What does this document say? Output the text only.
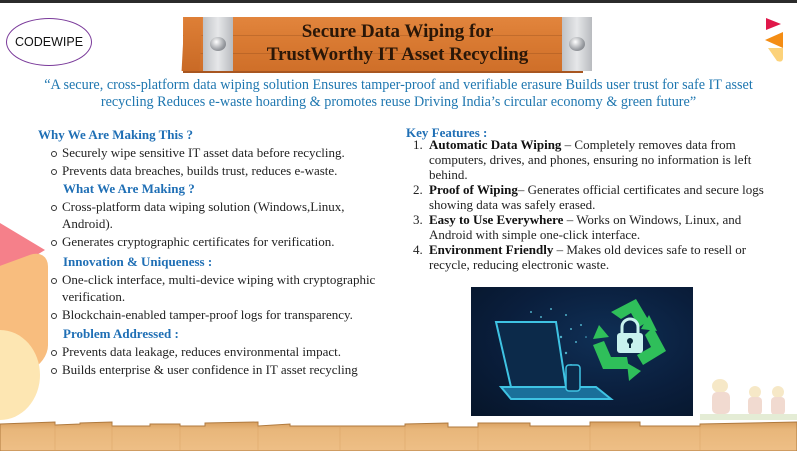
CODEWIPE	Secure Data Wiping for
TrustWorthy IT Asset Recycling
“A secure, cross-platform data wiping solution Ensures tamper-proof and verifiable erasure Builds user trust for safe IT asset
recycling Reduces e-waste hoarding & promotes reuse Driving India’s circular economy & green future”
Why We Are Making This ?
Securely wipe sensitive IT asset data before recycling.
Prevents data breaches, builds trust, reduces e-waste.
What We Are Making ?
Cross-platform data wiping solution (Windows,Linux, Android).
Generates cryptographic certificates for verification.
Innovation & Uniqueness :
One-click interface, multi-device wiping with cryptographic verification.
Blockchain-enabled tamper-proof logs for transparency.
Problem Addressed :
Prevents data leakage, reduces environmental impact.
Builds enterprise & user confidence in IT asset recycling
Key Features :
1. Automatic Data Wiping – Completely removes data from computers, drives, and phones, ensuring no information is left behind.
2. Proof of Wiping– Generates official certificates and secure logs showing data was safely erased.
3. Easy to Use Everywhere – Works on Windows, Linux, and Android with simple one-click interface.
4. Environment Friendly – Makes old devices safe to resell or recycle, reducing electronic waste.
